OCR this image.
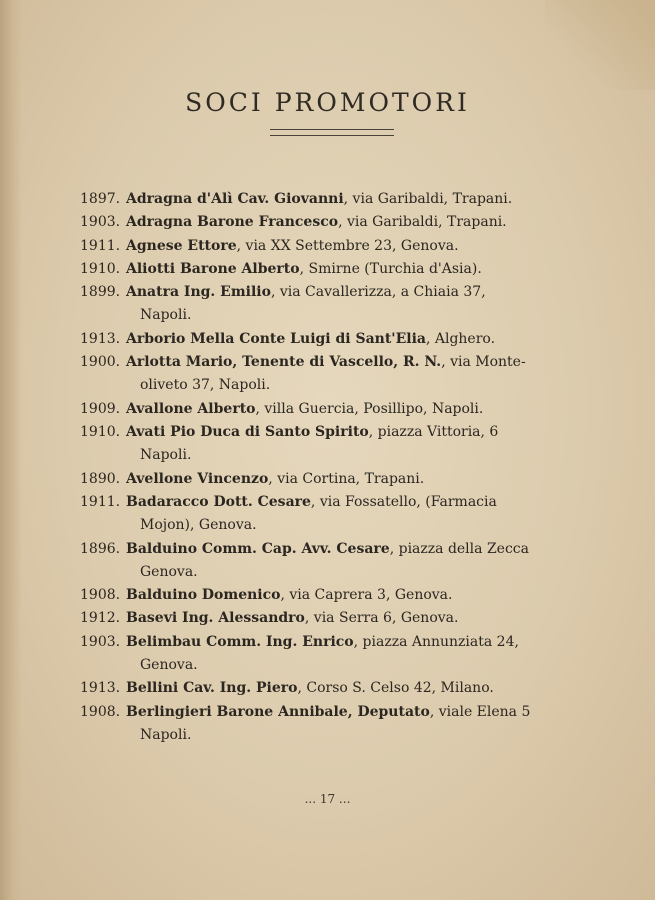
SOCI PROMOTORI
1897. Adragna d'Alì Cav. Giovanni, via Garibaldi, Trapani.
1903. Adragna Barone Francesco, via Garibaldi, Trapani.
1911. Agnese Ettore, via XX Settembre 23, Genova.
1910. Aliotti Barone Alberto, Smirne (Turchia d'Asia).
1899. Anatra Ing. Emilio, via Cavallerizza, a Chiaia 37,
Napoli.
1913. Arborio Mella Conte Luigi di Sant'Elia, Alghero.
1900. Arlotta Mario, Tenente di Vascello, R. N., via Monte-
oliveto 37, Napoli.
1909. Avallone Alberto, villa Guercia, Posillipo, Napoli.
1910. Avati Pio Duca di Santo Spirito, piazza Vittoria, 6
Napoli.
1890. Avellone Vincenzo, via Cortina, Trapani.
1911. Badaracco Dott. Cesare, via Fossatello, (Farmacia
Mojon), Genova.
1896. Balduino Comm. Cap. Avv. Cesare, piazza della Zecca
Genova.
1908. Balduino Domenico, via Caprera 3, Genova.
1912. Basevi Ing. Alessandro, via Serra 6, Genova.
1903. Belimbau Comm. Ing. Enrico, piazza Annunziata 24,
Genova.
1913. Bellini Cav. Ing. Piero, Corso S. Celso 42, Milano.
1908. Berlingieri Barone Annibale, Deputato, viale Elena 5
Napoli.
... 17 ...
